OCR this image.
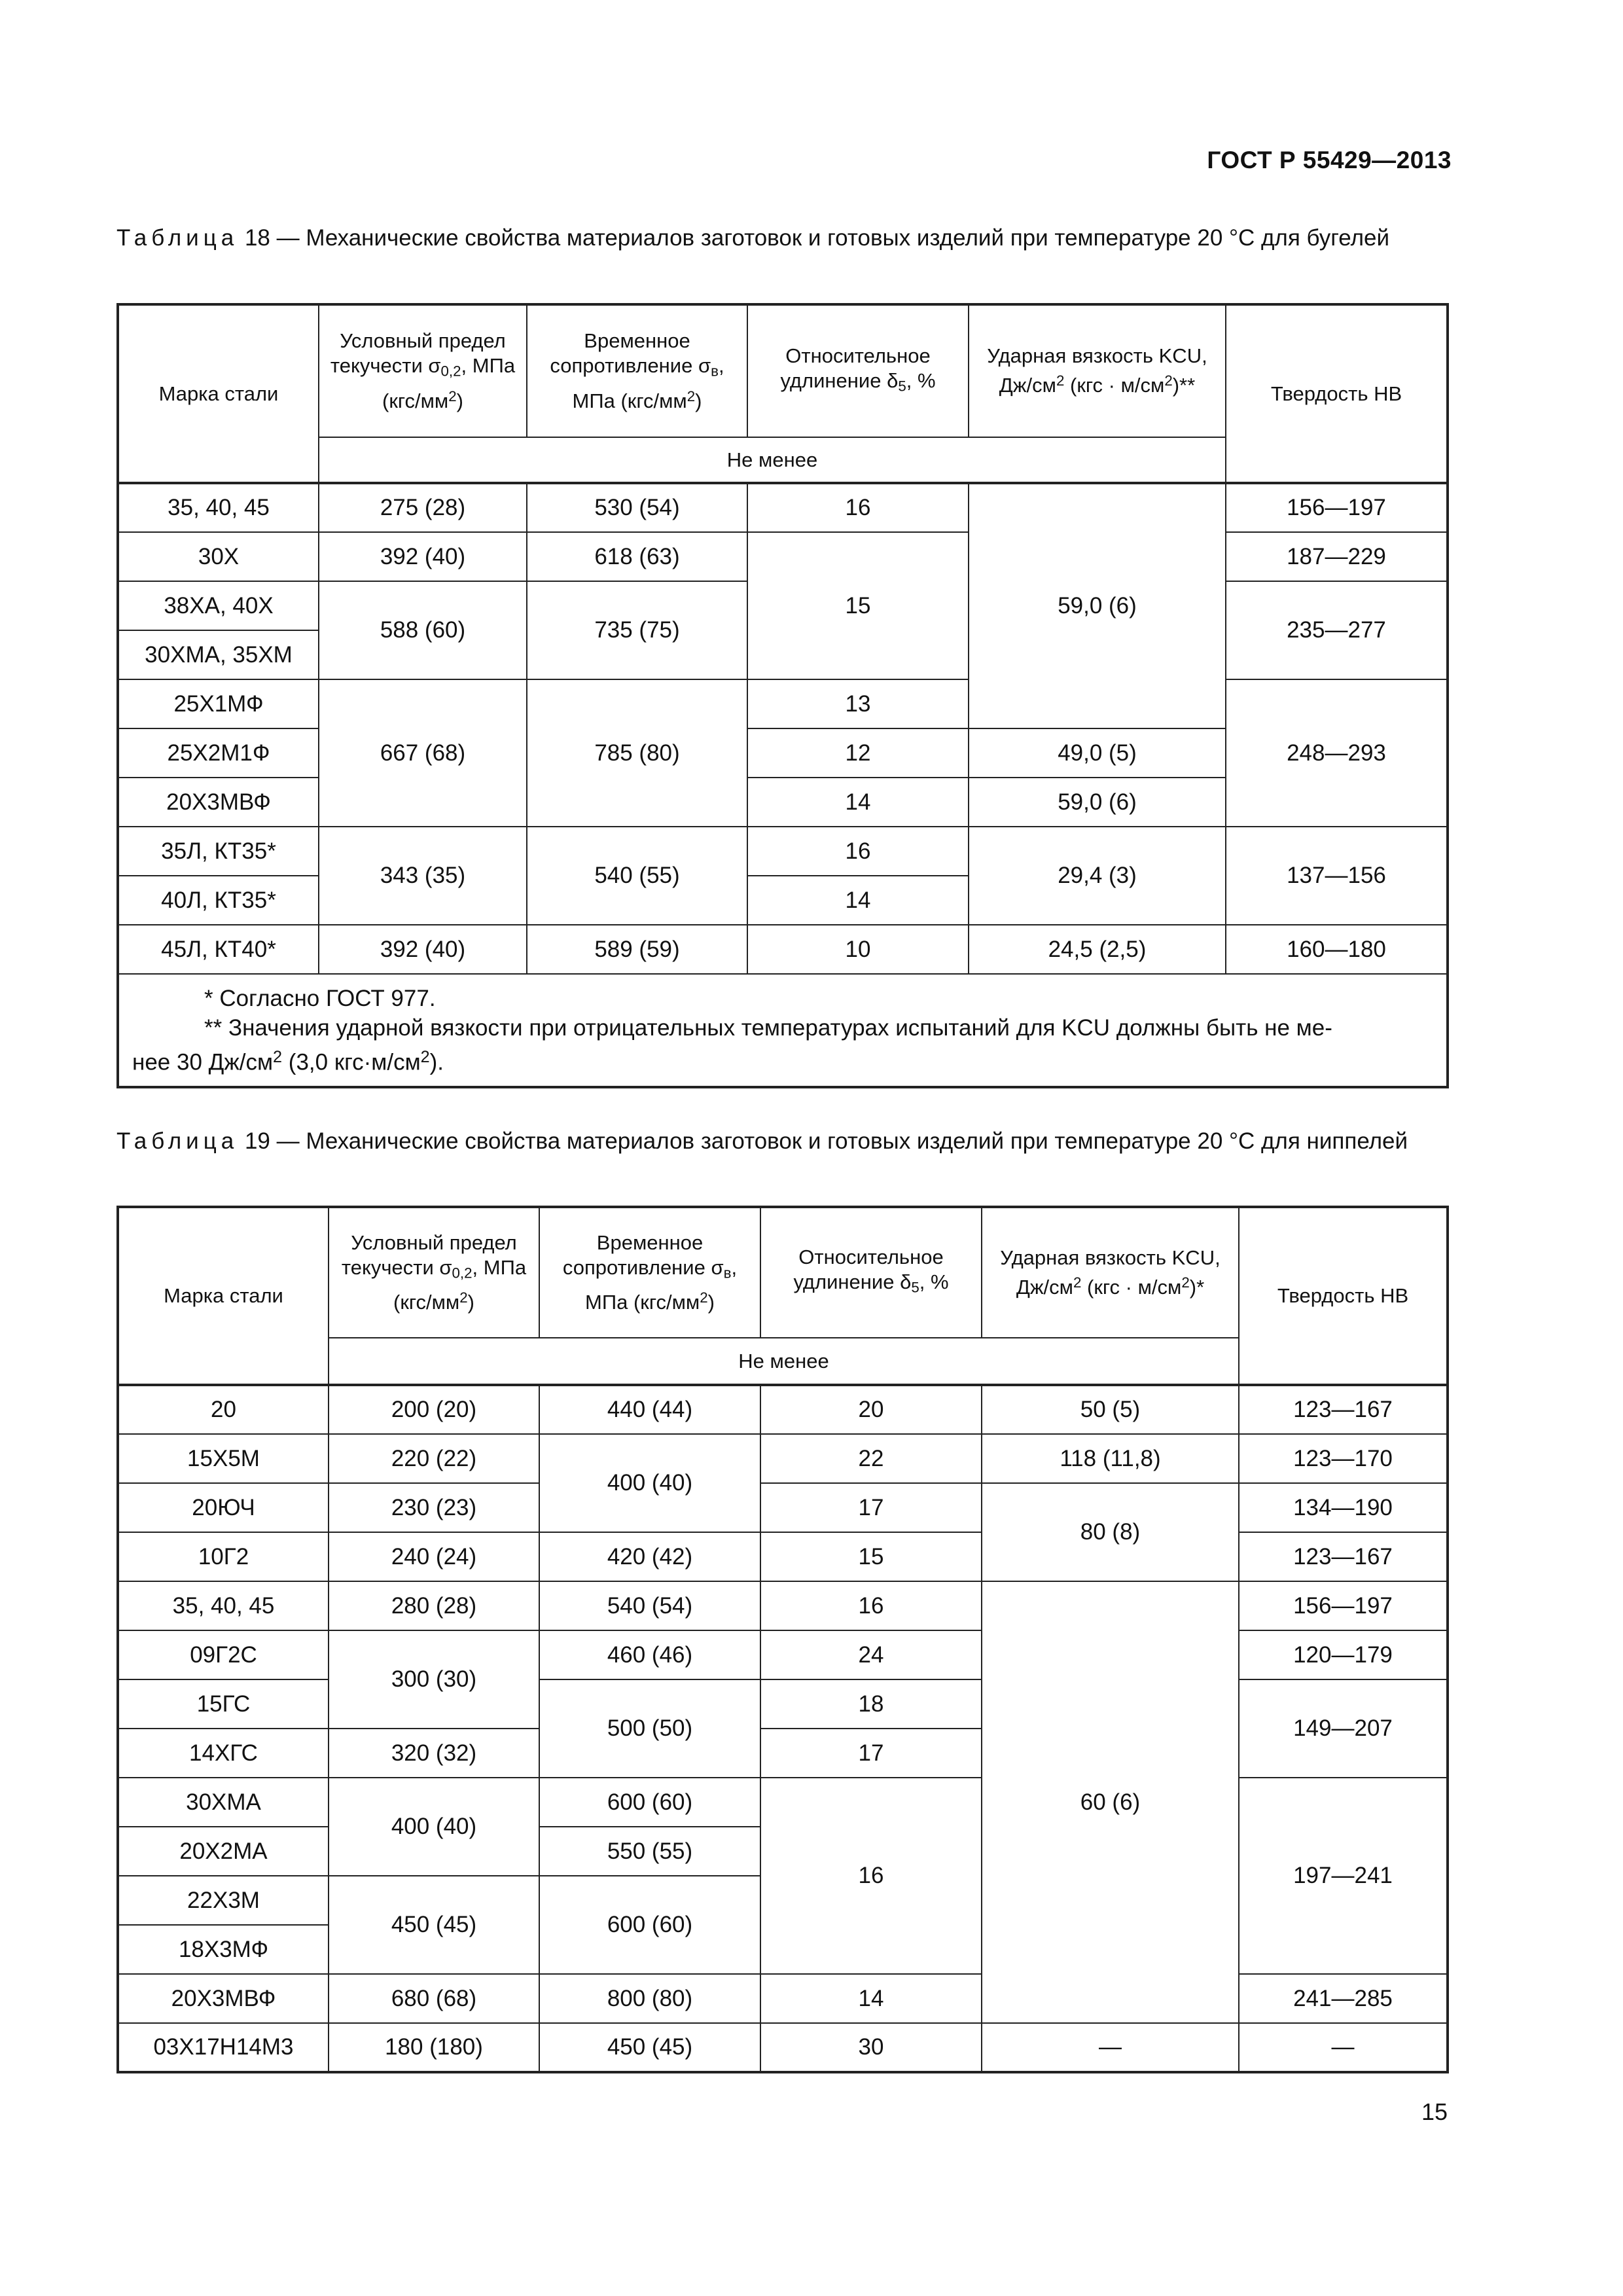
ГОСТ Р 55429—2013
Таблица 18 — Механические свойства материалов заготовок и готовых изделий при температуре 20 °С для бугелей
Марка стали	Условный предел текучести $\sigma_{0,2}$, МПа $(кгс/мм^2)$	Временное сопротивление $\sigma_в$, МПа $(кгс/мм^2)$	Относительное удлинение $\delta_5$, %	Ударная вязкость KCU, $Дж/см^2$ $(кгс \cdot м/см^2)**$	Твердость НВ
	Не менее				
35, 40, 45	275 (28)	530 (54)	16	59,0 (6)	156—197
30Х	392 (40)	618 (63)	15		187—229
38ХА, 40Х	588 (60)	735 (75)			235—277
30ХМА, 35ХМ					
25Х1МФ	667 (68)	785 (80)	13		248—293
25Х2М1Ф			12	49,0 (5)	
20Х3МВФ			14	59,0 (6)	
35Л, КТ35*	343 (35)	540 (55)	16	29,4 (3)	137—156
40Л, КТ35*			14		
45Л, КТ40*	392 (40)	589 (59)	10	24,5 (2,5)	160—180

* Согласно ГОСТ 977.
** Значения ударной вязкости при отрицательных температурах испытаний для KCU должны быть не ме-
нее 30 $Дж/см^2$ (3,0 $кгс\cdot м/см^2$).					
Таблица 19 — Механические свойства материалов заготовок и готовых изделий при температуре 20 °С для ниппелей
Марка стали	Условный предел текучести $\sigma_{0,2}$, МПа $(кгс/мм^2)$	Временное сопротивление $\sigma_в$, МПа $(кгс/мм^2)$	Относительное удлинение $\delta_5$, %	Ударная вязкость KCU, $Дж/см^2$ $(кгс \cdot м/см^2)*$	Твердость НВ
	Не менее				
20	200 (20)	440 (44)	20	50 (5)	123—167
15Х5М	220 (22)	400 (40)	22	118 (11,8)	123—170
20ЮЧ	230 (23)		17	80 (8)	134—190
10Г2	240 (24)	420 (42)	15		123—167
35, 40, 45	280 (28)	540 (54)	16	60 (6)	156—197
09Г2С	300 (30)	460 (46)	24		120—179
15ГС		500 (50)	18		149—207
14ХГС	320 (32)		17		
30ХМА	400 (40)	600 (60)	16		197—241
20Х2МА		550 (55)			
22Х3М	450 (45)	600 (60)			
18Х3МФ					
20Х3МВФ	680 (68)	800 (80)	14		241—285
03Х17Н14М3	180 (180)	450 (45)	30	—	—
15
